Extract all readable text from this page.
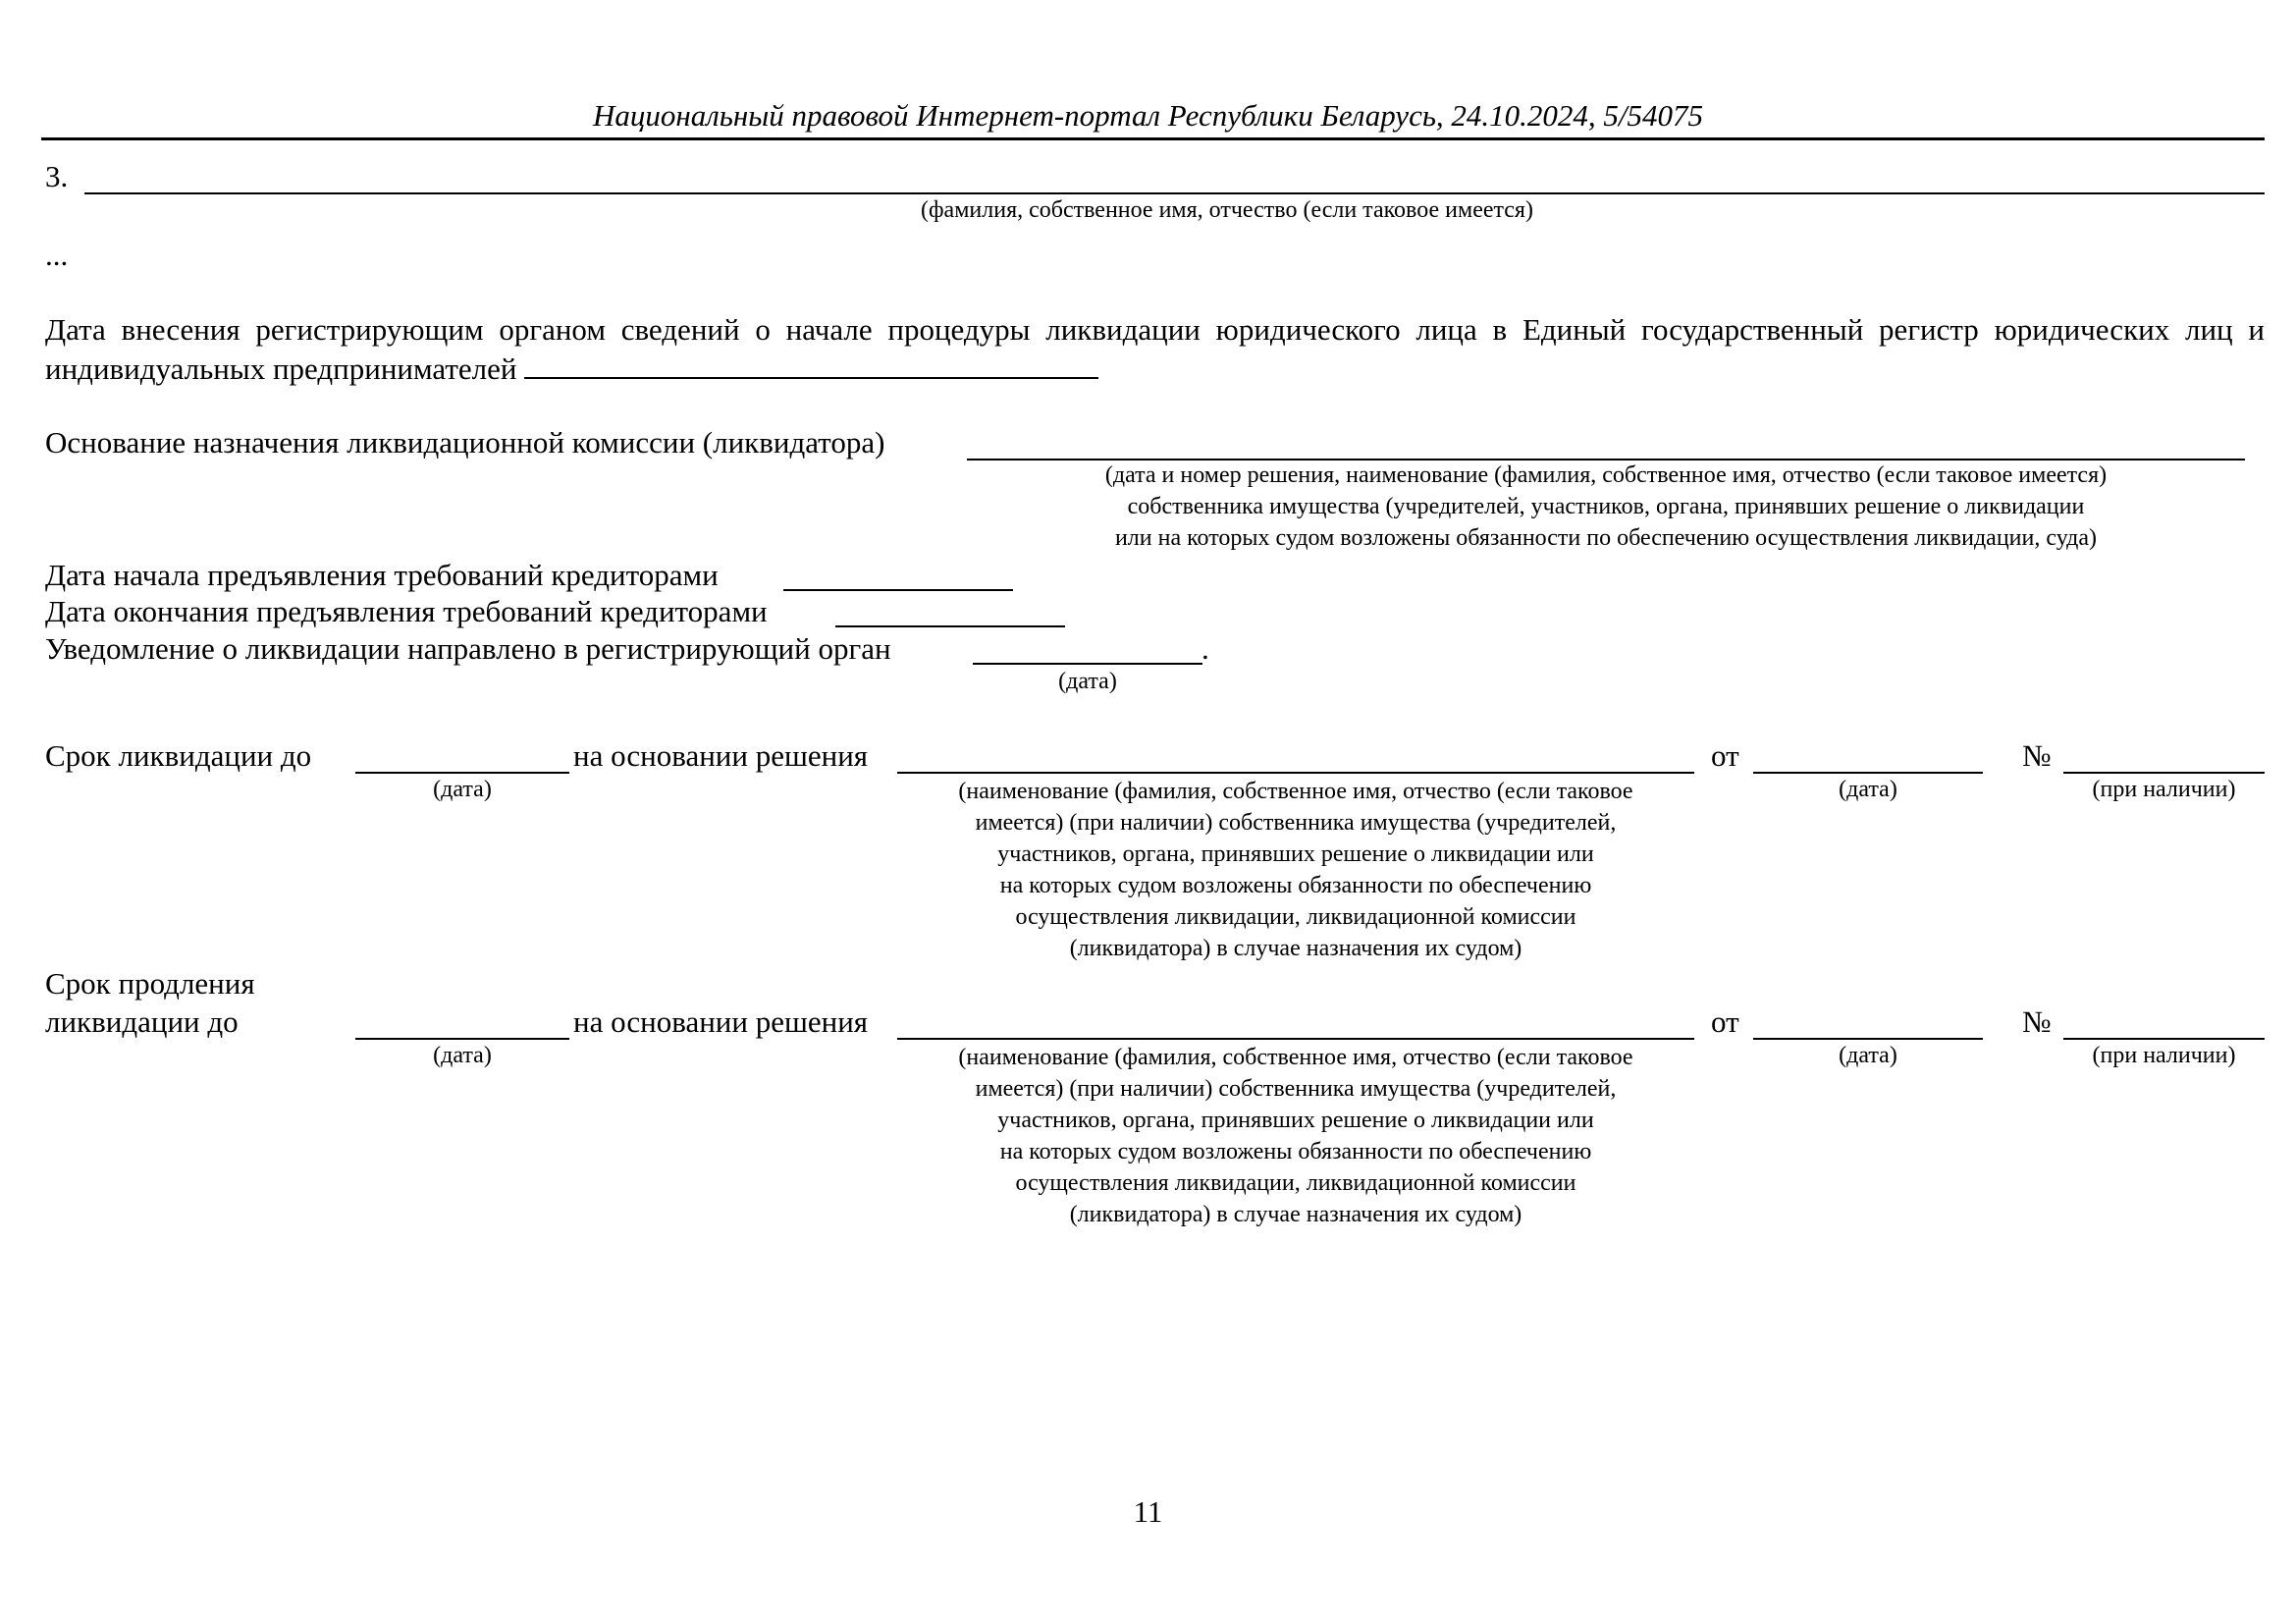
Национальный правовой Интернет-портал Республики Беларусь, 24.10.2024, 5/54075
3.
(фамилия, собственное имя, отчество (если таковое имеется)
...
Дата внесения регистрирующим органом сведений о начале процедуры ликвидации юридического лица в Единый государственный регистр юридических лиц и индивидуальных предпринимателей
Основание назначения ликвидационной комиссии (ликвидатора)
(дата и номер решения, наименование (фамилия, собственное имя, отчество (если таковое имеется)
собственника имущества (учредителей, участников, органа, принявших решение о ликвидации
или на которых судом возложены обязанности по обеспечению осуществления ликвидации, суда)
Дата начала предъявления требований кредиторами
Дата окончания предъявления требований кредиторами
Уведомление о ликвидации направлено в регистрирующий орган	.
(дата)
Срок ликвидации до
(дата)
на основании решения
(наименование (фамилия, собственное имя, отчество (если таковое
имеется) (при наличии) собственника имущества (учредителей,
участников, органа, принявших решение о ликвидации или
на которых судом возложены обязанности по обеспечению
осуществления ликвидации, ликвидационной комиссии
(ликвидатора) в случае назначения их судом)
от
(дата)
№
(при наличии)
Срок продления
ликвидации до
(дата)
на основании решения
(наименование (фамилия, собственное имя, отчество (если таковое
имеется) (при наличии) собственника имущества (учредителей,
участников, органа, принявших решение о ликвидации или
на которых судом возложены обязанности по обеспечению
осуществления ликвидации, ликвидационной комиссии
(ликвидатора) в случае назначения их судом)
от
(дата)
№
(при наличии)
11
